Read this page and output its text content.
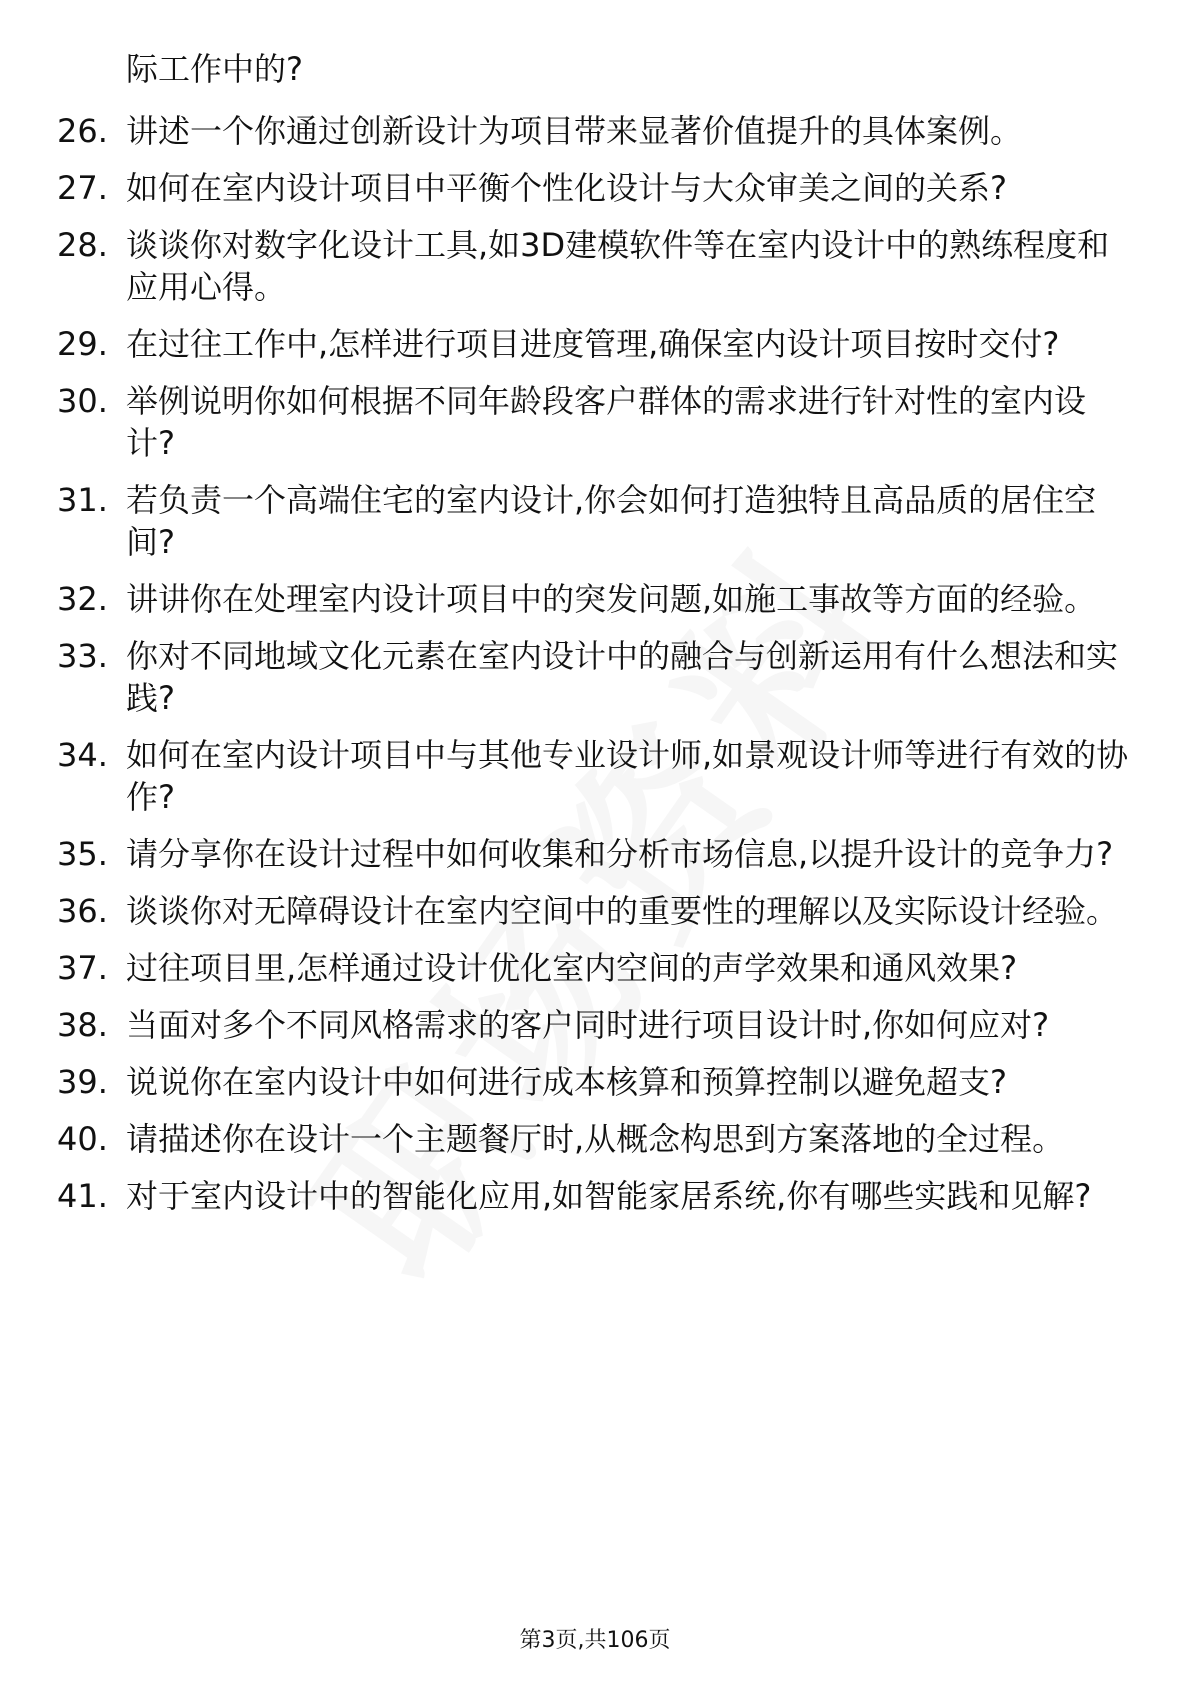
际工作中的?

26. 讲述一个你通过创新设计为项目带来显著价值提升的具体案例。
27. 如何在室内设计项目中平衡个性化设计与大众审美之间的关系?
28. 谈谈你对数字化设计工具,如3D建模软件等在室内设计中的熟练程度和应用心得。
29. 在过往工作中,怎样进行项目进度管理,确保室内设计项目按时交付?
30. 举例说明你如何根据不同年龄段客户群体的需求进行针对性的室内设计?
31. 若负责一个高端住宅的室内设计,你会如何打造独特且高品质的居住空间?
32. 讲讲你在处理室内设计项目中的突发问题,如施工事故等方面的经验。
33. 你对不同地域文化元素在室内设计中的融合与创新运用有什么想法和实践?
34. 如何在室内设计项目中与其他专业设计师,如景观设计师等进行有效的协作?
35. 请分享你在设计过程中如何收集和分析市场信息,以提升设计的竞争力?
36. 谈谈你对无障碍设计在室内空间中的重要性的理解以及实际设计经验。
37. 过往项目里,怎样通过设计优化室内空间的声学效果和通风效果?
38. 当面对多个不同风格需求的客户同时进行项目设计时,你如何应对?
39. 说说你在室内设计中如何进行成本核算和预算控制以避免超支?
40. 请描述你在设计一个主题餐厅时,从概念构思到方案落地的全过程。
41. 对于室内设计中的智能化应用,如智能家居系统,你有哪些实践和见解?
第3页,共106页
